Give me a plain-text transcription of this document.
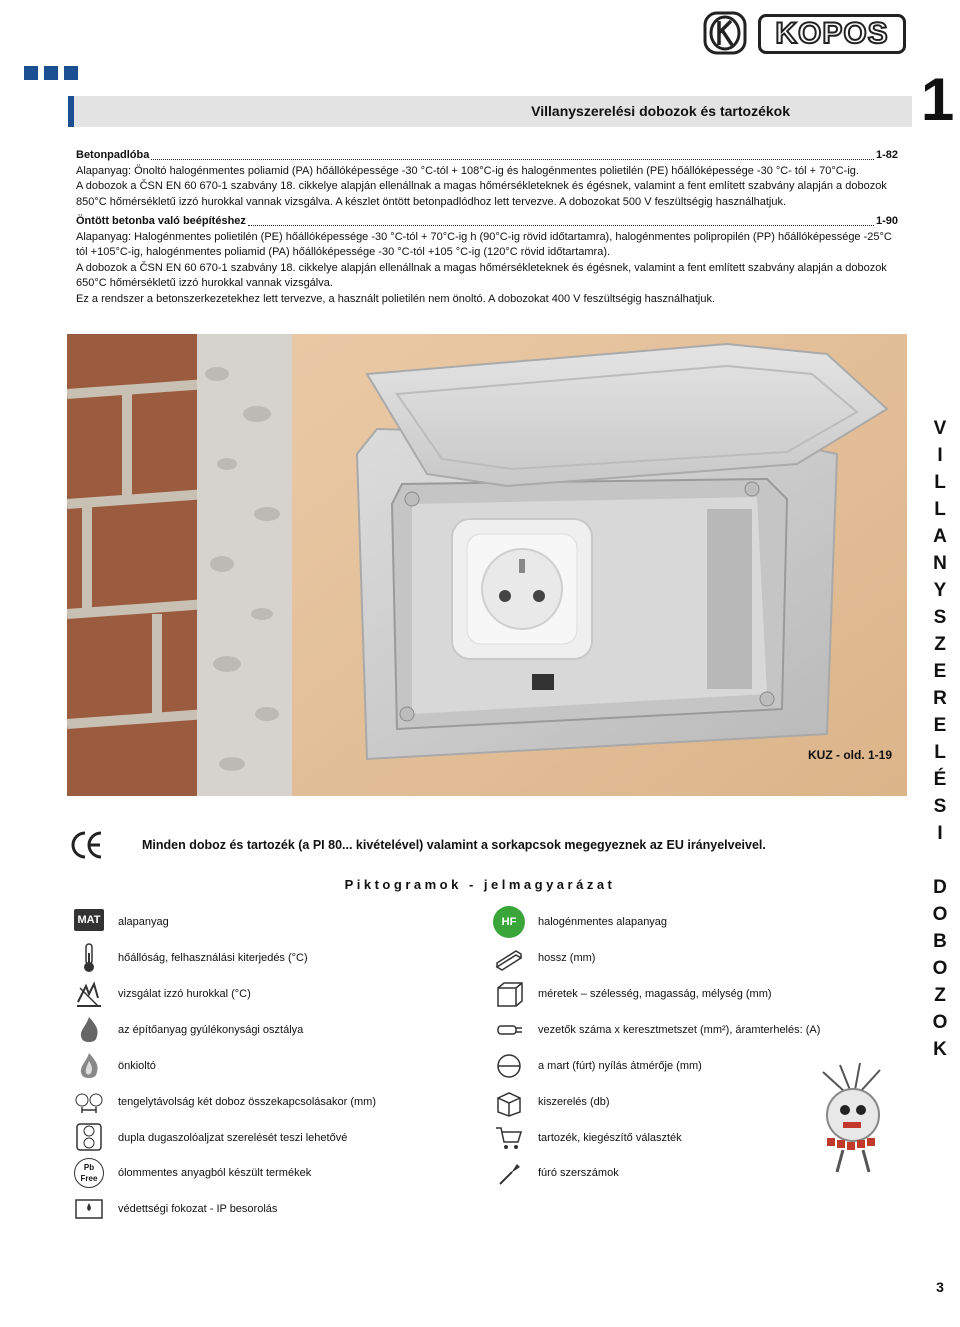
KOPOS
Villanyszerelési dobozok és tartozékok 1
Betonpadlóba	1-82
Alapanyag: Önoltó halogénmentes poliamid (PA) hőállóképessége -30 °C-tól + 108°C-ig és halogénmentes polietilén (PE) hőállóképessége -30 °C- tól + 70°C-ig.
A dobozok a ČSN EN 60 670-1 szabvány 18. cikkelye alapján ellenállnak a magas hőmérsékleteknek és égésnek, valamint a fent említett szabvány alapján a dobozok
850°C hőmérsékletű izzó hurokkal vannak vizsgálva. A készlet öntött betonpadlódhoz lett tervezve. A dobozokat 500 V feszültségig használhatjuk.
Öntött betonba való beépítéshez	1-90
Alapanyag: Halogénmentes polietilén (PE) hőállóképessége -30 °C-tól + 70°C-ig h (90°C-ig rövid időtartamra), halogénmentes polipropilén (PP) hőállóképessége -25°C
tól +105°C-ig, halogénmentes poliamid (PA) hőállóképessége -30 °C-tól +105 °C-ig (120°C rövid időtartamra).
A dobozok a ČSN EN 60 670-1 szabvány 18. cikkelye alapján ellenállnak a magas hőmérsékleteknek és égésnek, valamint a fent említett szabvány alapján a dobozok
650°C hőmérsékletű izzó hurokkal vannak vizsgálva.
Ez a rendszer a betonszerkezetekhez lett tervezve, a használt polietilén nem önoltó. A dobozokat 400 V feszültségig használhatjuk.
KUZ - old. 1-19
V
I
L
L
A
N
Y
S
Z
E
R
E
L
É
S
I
D
O
B
O
Z
O
K
Minden doboz és tartozék (a PI 80... kivételével) valamint a sorkapcsok megegyeznek az EU irányelveivel.
Piktogramok - jelmagyarázat
MAT	alapanyag
hőállóság, felhasználási kiterjedés (°C)
vizsgálat izzó hurokkal (°C)
az építőanyag gyúlékonysági osztálya
önkioltó
tengelytávolság két doboz összekapcsolásakor (mm)
dupla dugaszolóaljzat szerelését teszi lehetővé
Pb
Free	ólommentes anyagból készült termékek
védettségi fokozat - IP besorolás
HF	halogénmentes alapanyag
hossz (mm)
méretek – szélesség, magasság, mélység (mm)
vezetők száma x keresztmetszet (mm²), áramterhelés: (A)
a mart (fúrt) nyílás átmérője (mm)
kiszerelés (db)
tartozék, kiegészítő választék
fúró szerszámok
3
